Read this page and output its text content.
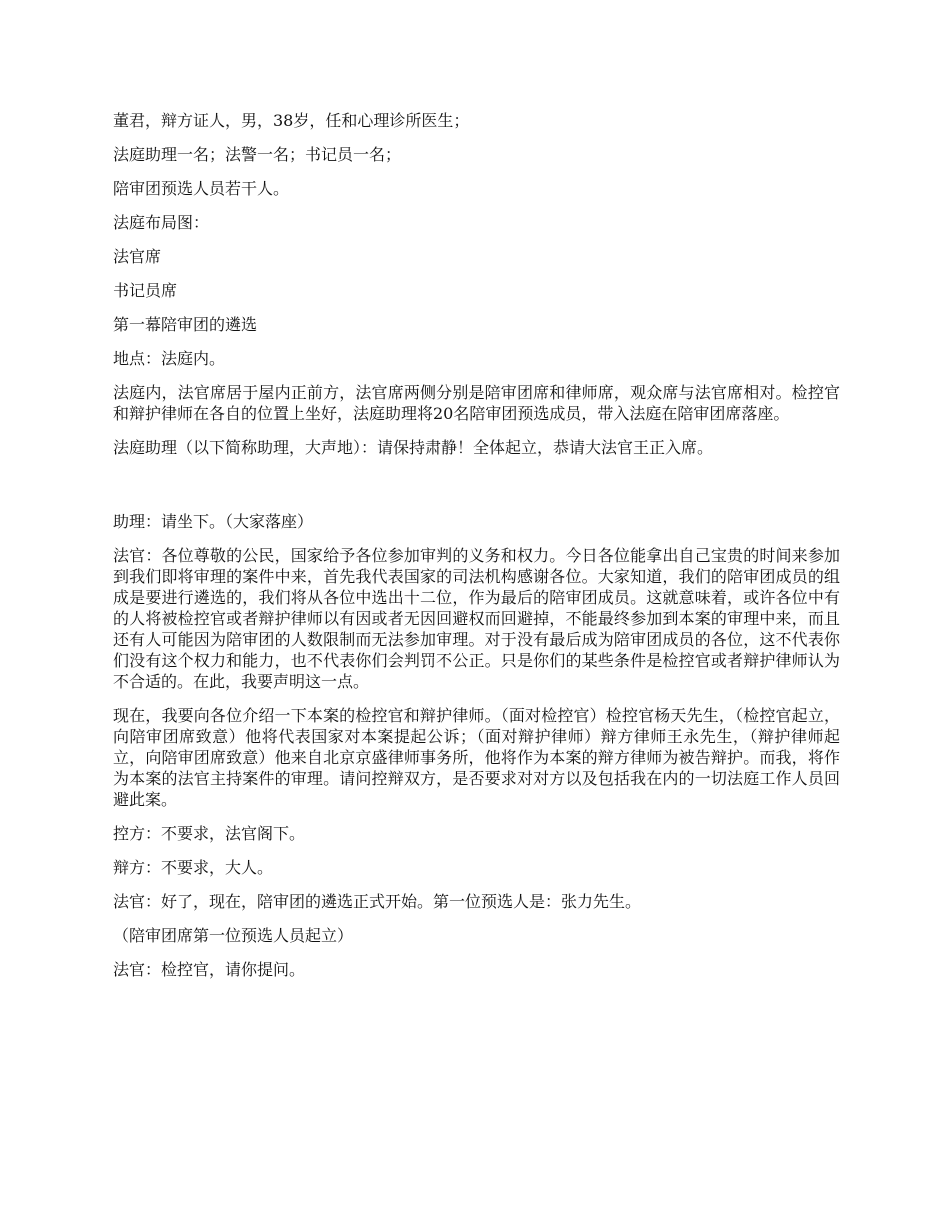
董君，辩方证人，男，38岁，任和心理诊所医生；

法庭助理一名；法警一名；书记员一名；

陪审团预选人员若干人。

法庭布局图：

法官席

书记员席

第一幕陪审团的遴选

地点：法庭内。

法庭内，法官席居于屋内正前方，法官席两侧分别是陪审团席和律师席，观众席与法官席相对。检控官和辩护律师在各自的位置上坐好，法庭助理将20名陪审团预选成员，带入法庭在陪审团席落座。

法庭助理（以下简称助理，大声地）：请保持肃静！全体起立，恭请大法官王正入席。

助理：请坐下。（大家落座）

法官：各位尊敬的公民，国家给予各位参加审判的义务和权力。今日各位能拿出自己宝贵的时间来参加到我们即将审理的案件中来，首先我代表国家的司法机构感谢各位。大家知道，我们的陪审团成员的组成是要进行遴选的，我们将从各位中选出十二位，作为最后的陪审团成员。这就意味着，或许各位中有的人将被检控官或者辩护律师以有因或者无因回避权而回避掉，不能最终参加到本案的审理中来，而且还有人可能因为陪审团的人数限制而无法参加审理。对于没有最后成为陪审团成员的各位，这不代表你们没有这个权力和能力，也不代表你们会判罚不公正。只是你们的某些条件是检控官或者辩护律师认为不合适的。在此，我要声明这一点。

现在，我要向各位介绍一下本案的检控官和辩护律师。（面对检控官）检控官杨天先生，（检控官起立，向陪审团席致意）他将代表国家对本案提起公诉；（面对辩护律师）辩方律师王永先生，（辩护律师起立，向陪审团席致意）他来自北京京盛律师事务所，他将作为本案的辩方律师为被告辩护。而我，将作为本案的法官主持案件的审理。请问控辩双方，是否要求对对方以及包括我在内的一切法庭工作人员回避此案。

控方：不要求，法官阁下。

辩方：不要求，大人。

法官：好了，现在，陪审团的遴选正式开始。第一位预选人是：张力先生。

（陪审团席第一位预选人员起立）

法官：检控官，请你提问。
